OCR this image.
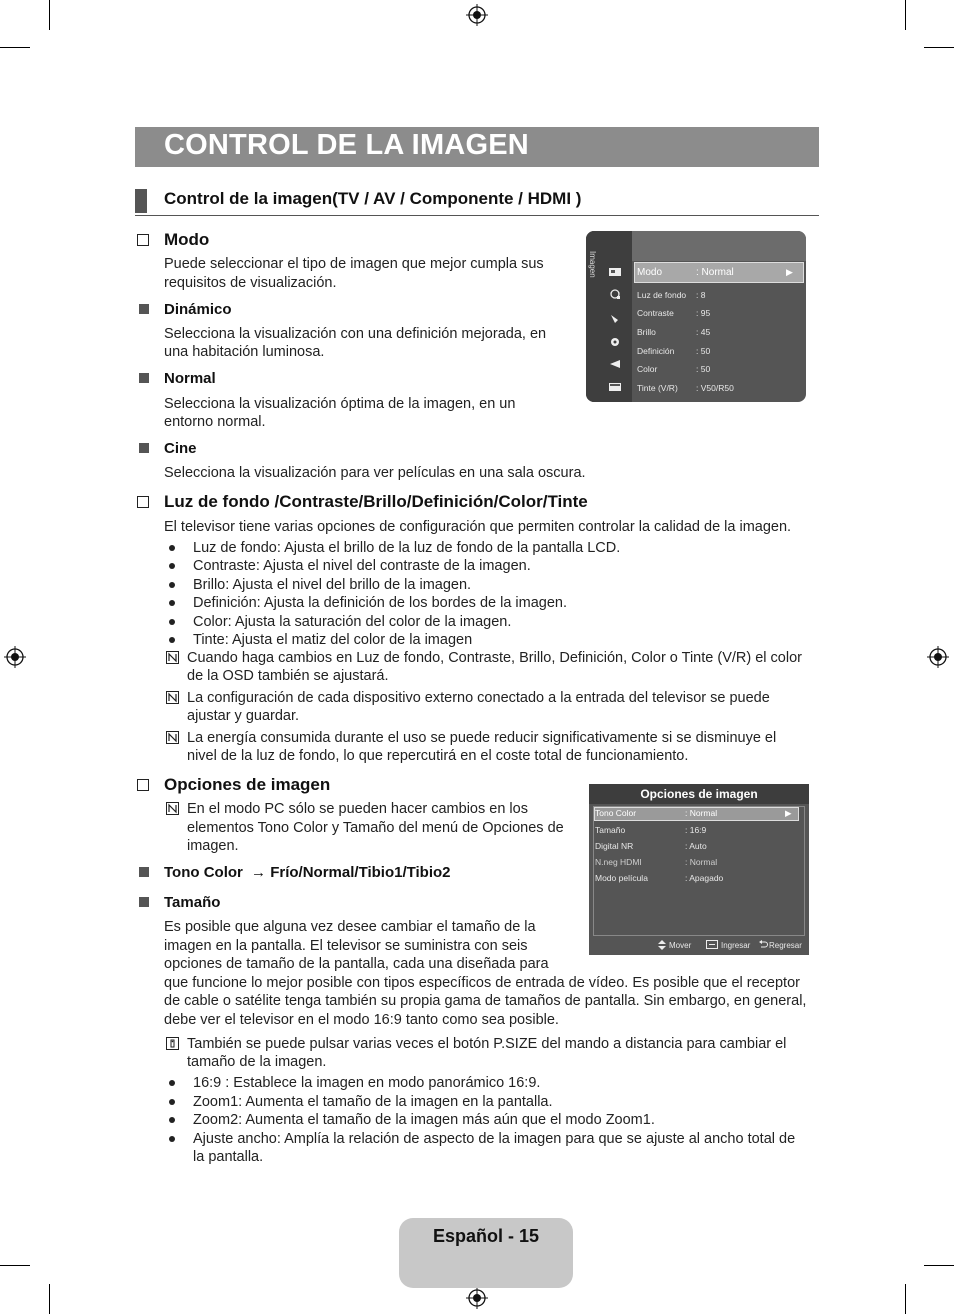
CONTROL DE LA IMAGEN
Control de la imagen(TV / AV / Componente / HDMI )
Modo
Puede seleccionar el tipo de imagen que mejor cumpla sus
requisitos de visualización.
Dinámico
Selecciona la visualización con una definición mejorada, en
una habitación luminosa.
Normal
Selecciona la visualización óptima de la imagen, en un
entorno normal.
Cine
Selecciona la visualización para ver películas en una sala oscura.
Imagen	Modo	: Normal	▶
Luz de fondo : 8
Contraste	: 95
Brillo	: 45
Definición	: 50
Color	: 50
Tinte (V/R) : V50/R50
Luz de fondo /Contraste/Brillo/Definición/Color/Tinte
El televisor tiene varias opciones de configuración que permiten controlar la calidad de la imagen.
Luz de fondo: Ajusta el brillo de la luz de fondo de la pantalla LCD.
Contraste: Ajusta el nivel del contraste de la imagen.
Brillo: Ajusta el nivel del brillo de la imagen.
Definición: Ajusta la definición de los bordes de la imagen.
Color: Ajusta la saturación del color de la imagen.
Tinte: Ajusta el matiz del color de la imagen
Cuando haga cambios en Luz de fondo, Contraste, Brillo, Definición, Color o Tinte (V/R) el color
de la OSD también se ajustará.
La configuración de cada dispositivo externo conectado a la entrada del televisor se puede
ajustar y guardar.
La energía consumida durante el uso se puede reducir significativamente si se disminuye el
nivel de la luz de fondo, lo que repercutirá en el coste total de funcionamiento.
Opciones de imagen
En el modo PC sólo se pueden hacer cambios en los
elementos Tono Color y Tamaño del menú de Opciones de
imagen.
Tono Color → Frío/Normal/Tibio1/Tibio2
Tamaño
Es posible que alguna vez desee cambiar el tamaño de la
imagen en la pantalla. El televisor se suministra con seis
opciones de tamaño de la pantalla, cada una diseñada para
que funcione lo mejor posible con tipos específicos de entrada de vídeo. Es posible que el receptor
de cable o satélite tenga también su propia gama de tamaños de pantalla. Sin embargo, en general,
debe ver el televisor en el modo 16:9 tanto como sea posible.
También se puede pulsar varias veces el botón P.SIZE del mando a distancia para cambiar el
tamaño de la imagen.
16:9 : Establece la imagen en modo panorámico 16:9.
Zoom1: Aumenta el tamaño de la imagen en la pantalla.
Zoom2: Aumenta el tamaño de la imagen más aún que el modo Zoom1.
Ajuste ancho: Amplía la relación de aspecto de la imagen para que se ajuste al ancho total de
la pantalla.
Opciones de imagen
Tono Color	: Normal	▶
Tamaño	: 16:9
Digital NR	: Auto
N.neg HDMI	: Normal
Modo película	: Apagado
Mover	Ingresar Regresar
Español - 15
